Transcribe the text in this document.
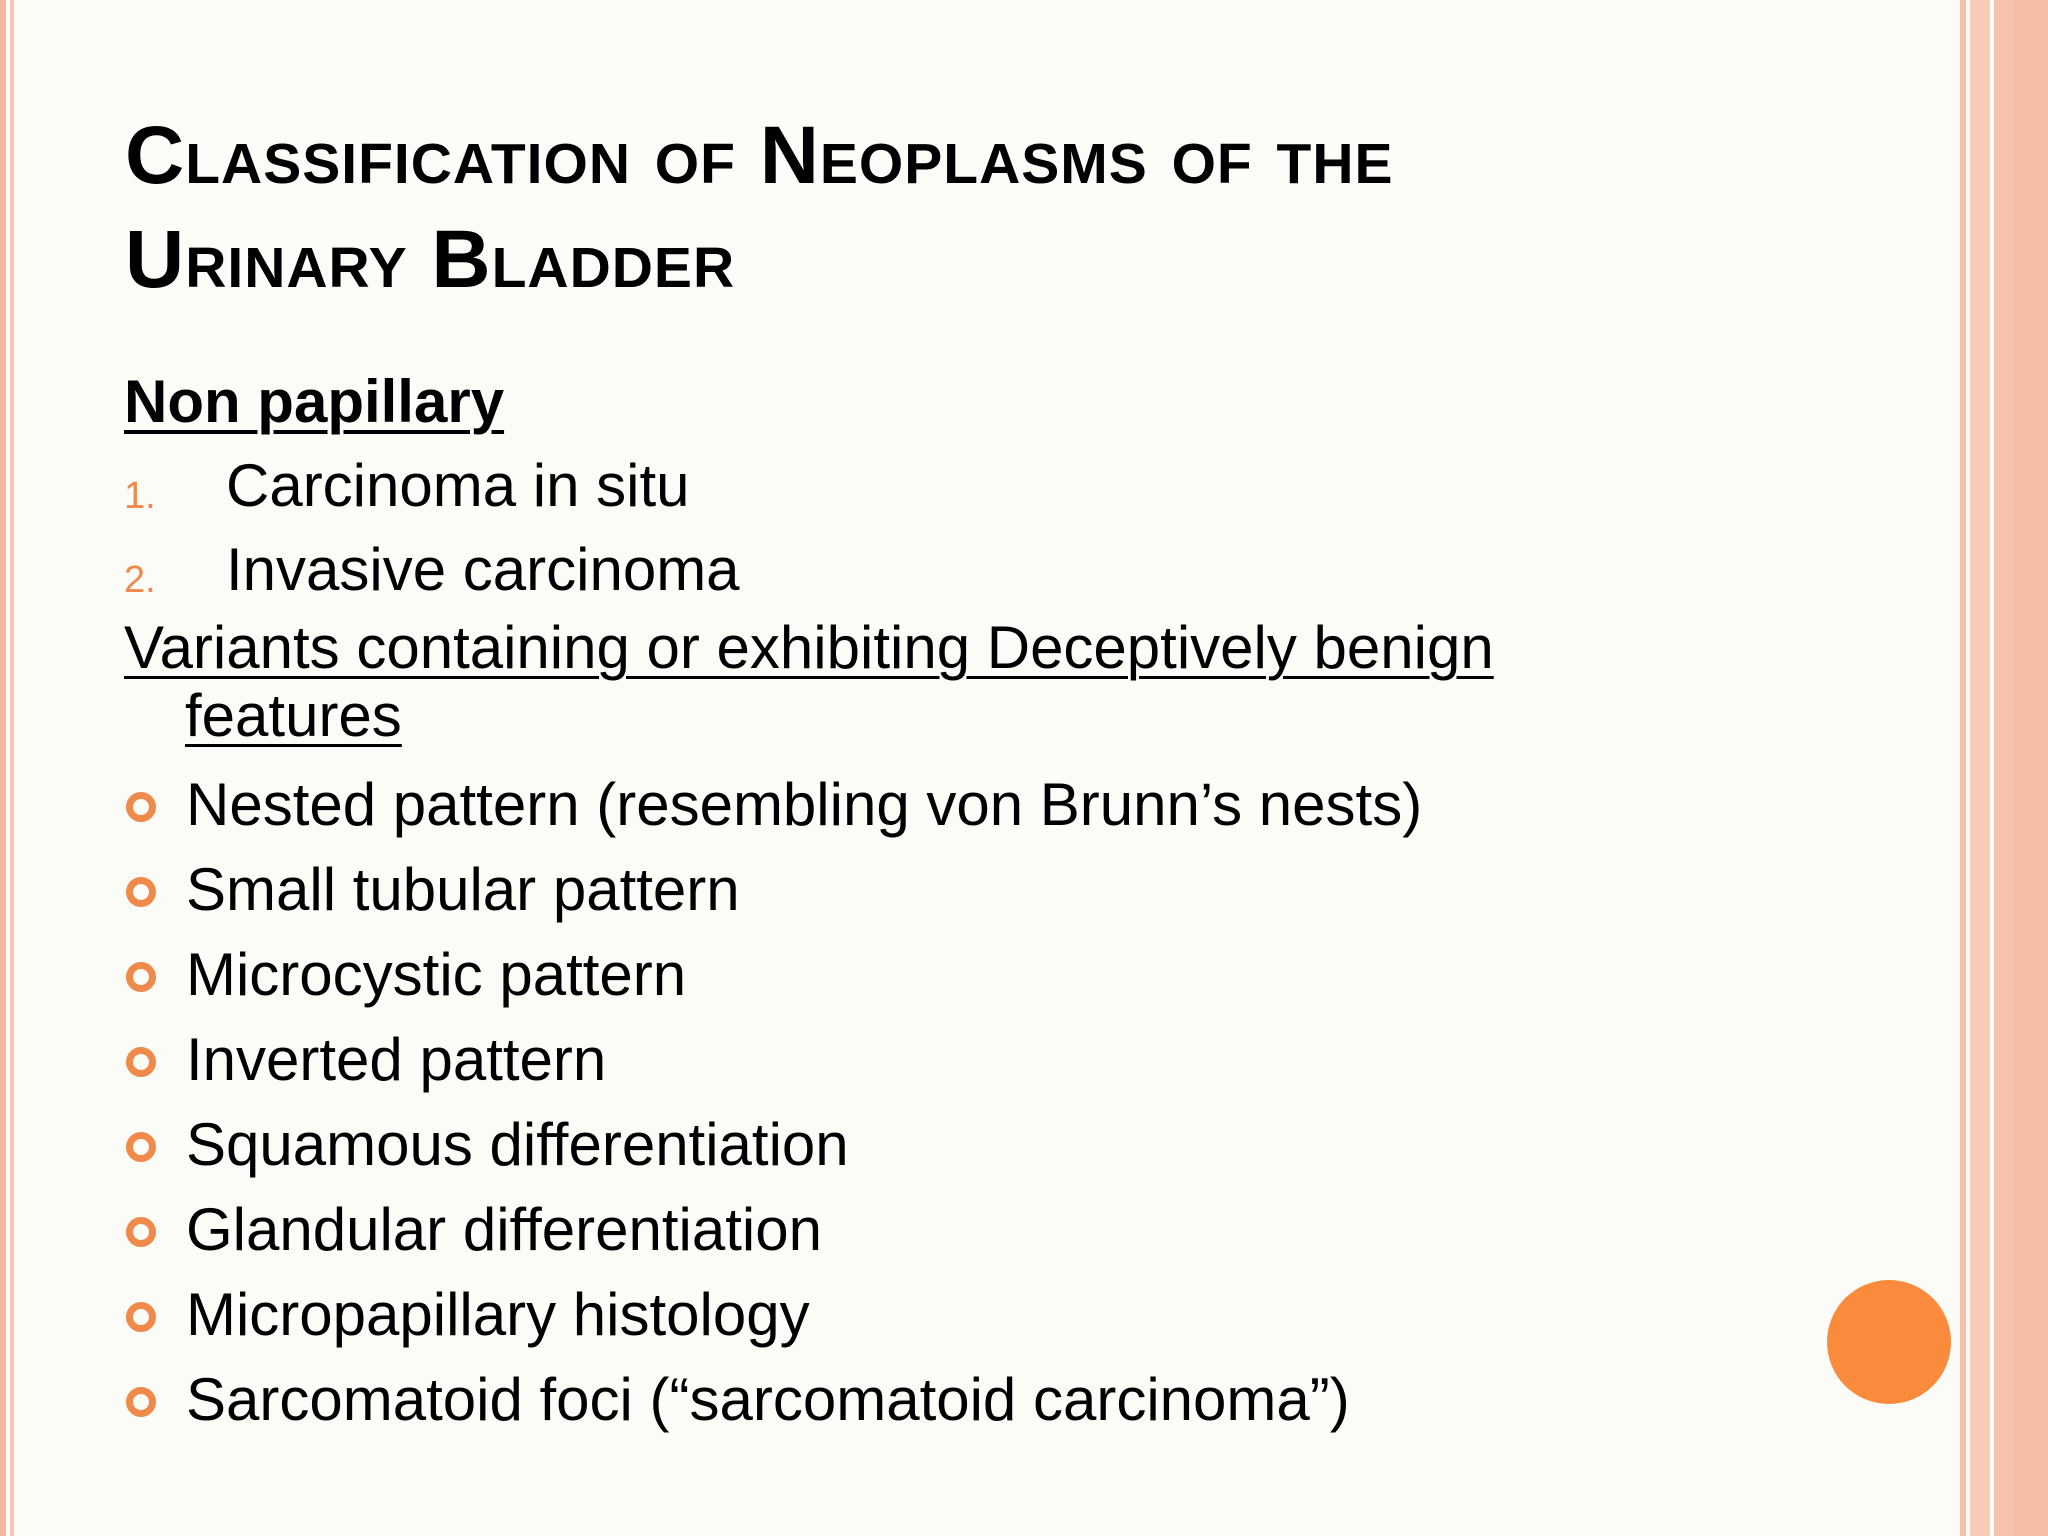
Classification of Neoplasms of the Urinary Bladder
Non papillary
1. Carcinoma in situ
2. Invasive carcinoma
Variants containing or exhibiting Deceptively benign features
Nested pattern (resembling von Brunn’s nests)
Small tubular pattern
Microcystic pattern
Inverted pattern
Squamous differentiation
Glandular differentiation
Micropapillary histology
Sarcomatoid foci (“sarcomatoid carcinoma”)
